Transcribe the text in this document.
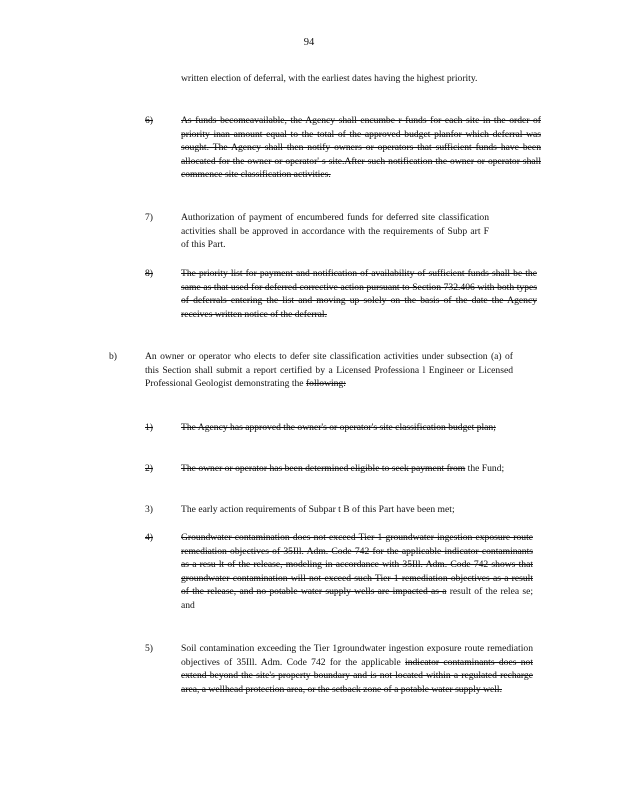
94
written election of deferral, with the earliest dates having the highest priority.
6)	As funds becomeavailable, the Agency shall encumbe r funds for each site in the order of priority inan amount equal to the total of the approved budget planfor which deferral was sought. The Agency shall then notify owners or operators that sufficient funds have been allocated for the owner or operator' s site.After such notification the owner or operator shall commence site classification activities.
7)	Authorization of payment of encumbered funds for deferred site classification activities shall be approved in accordance with the requirements of Subp art F of this Part.
8)	The priority list for payment and notification of availability of sufficient funds shall be the same as that used for deferred corrective action pursuant to Section 732.406 with both types of deferrals entering the list and moving up solely on the basis of the date the Agency receives written notice of the deferral.
b)	An owner or operator who elects to defer site classification activities under subsection (a) of this Section shall submit a report certified by a Licensed Professiona l Engineer or Licensed Professional Geologist demonstrating the following:
1)	The Agency has approved the owner's or operator's site classification budget plan;
2)	The owner or operator has been determined eligible to seek payment from the Fund;
3)	The early action requirements of Subpar t B of this Part have been met;
4)	Groundwater contamination does not exceed Tier 1 groundwater ingestion exposure route remediation objectives of 35Ill. Adm. Code 742 for the applicable indicator contaminants as a resu lt of the release, modeling in accordance with 35Ill. Adm. Code 742 shows that groundwater contamination will not exceed such Tier 1 remediation objectives as a result of the release, and no potable water supply wells are impacted as a result of the relea se; and
5)	Soil contamination exceeding the Tier 1groundwater ingestion exposure route remediation objectives of 35Ill. Adm. Code 742 for the applicable indicator contaminants does not extend beyond the site's property boundary and is not located within a regulated recharge area, a wellhead protection area, or the setback zone of a potable water supply well.
